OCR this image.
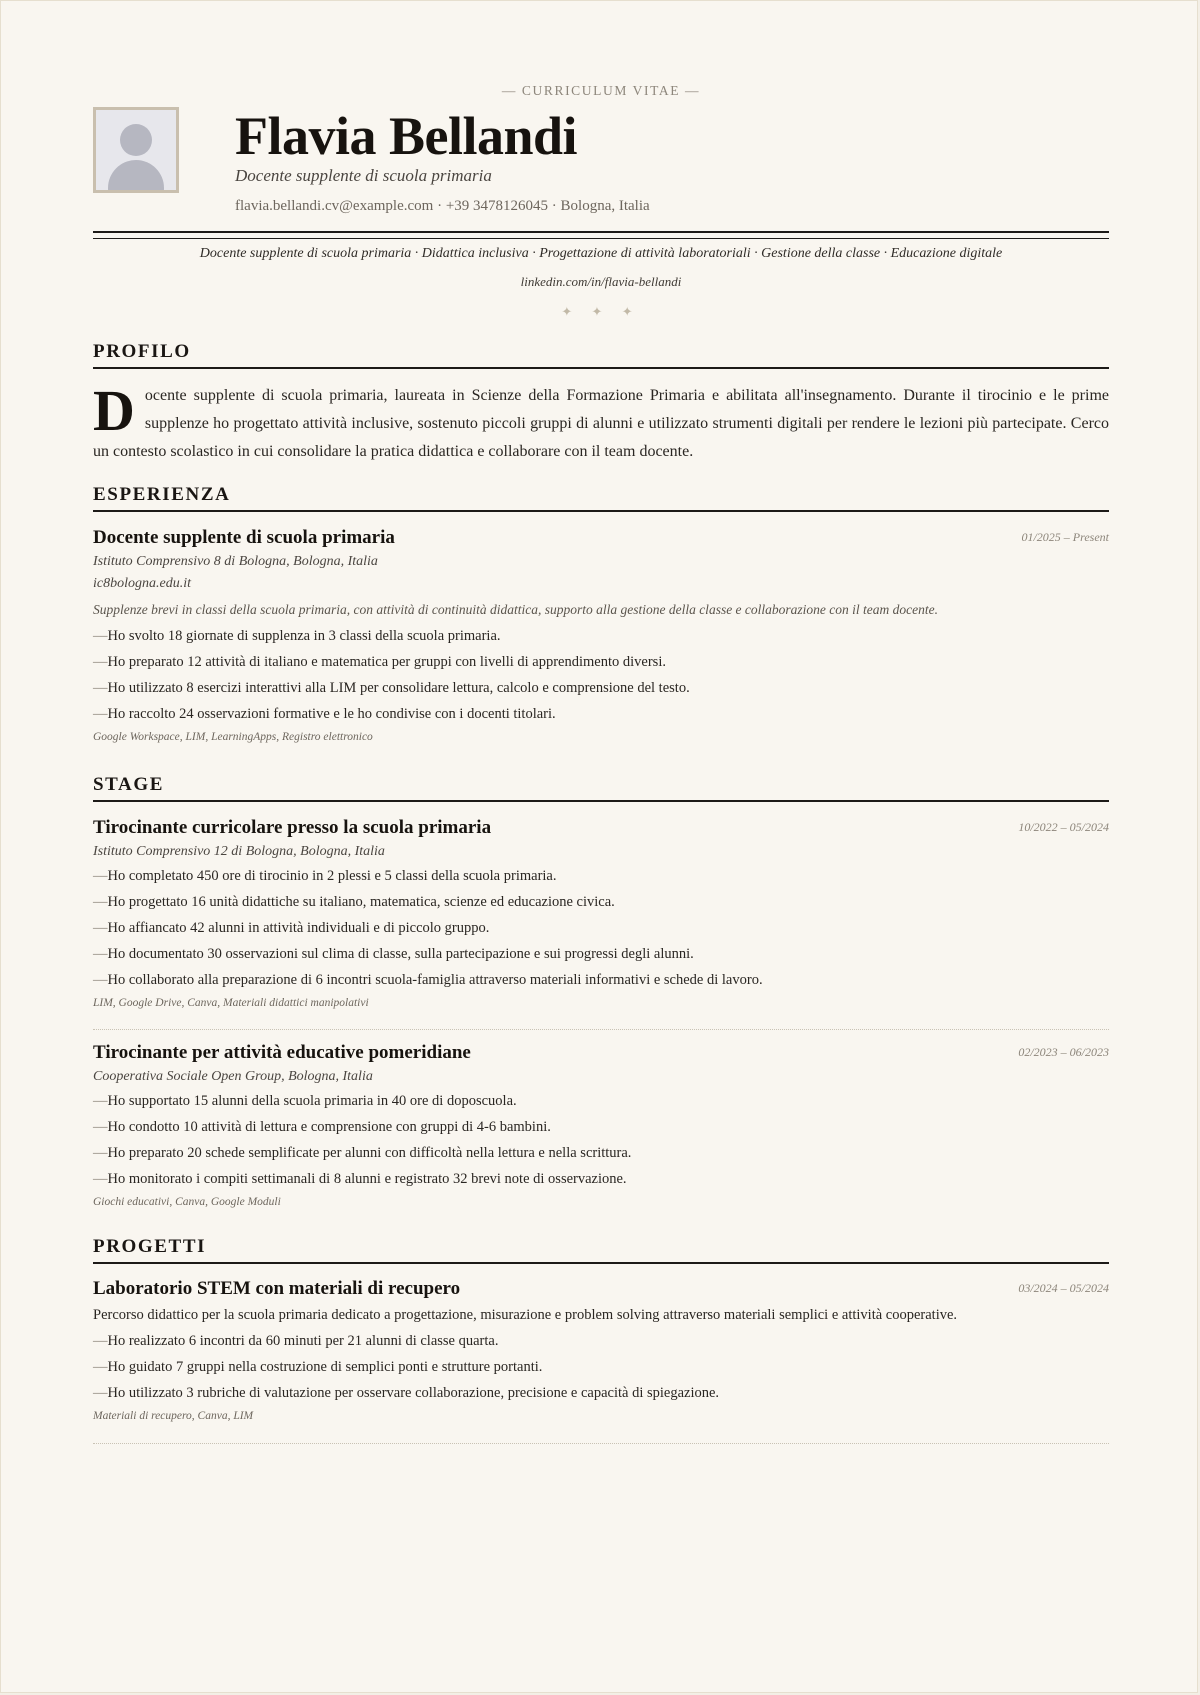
— CURRICULUM VITAE —
Flavia Bellandi
Docente supplente di scuola primaria
flavia.bellandi.cv@example.com · +39 3478126045 · Bologna, Italia
Docente supplente di scuola primaria · Didattica inclusiva · Progettazione di attività laboratoriali · Gestione della classe · Educazione digitale
linkedin.com/in/flavia-bellandi
✦ ✦ ✦
PROFILO
Docente supplente di scuola primaria, laureata in Scienze della Formazione Primaria e abilitata all'insegnamento. Durante il tirocinio e le prime supplenze ho progettato attività inclusive, sostenuto piccoli gruppi di alunni e utilizzato strumenti digitali per rendere le lezioni più partecipate. Cerco un contesto scolastico in cui consolidare la pratica didattica e collaborare con il team docente.
ESPERIENZA
Docente supplente di scuola primaria	01/2025 – Present
Istituto Comprensivo 8 di Bologna, Bologna, Italia
ic8bologna.edu.it
Supplenze brevi in classi della scuola primaria, con attività di continuità didattica, supporto alla gestione della classe e collaborazione con il team docente.
— Ho svolto 18 giornate di supplenza in 3 classi della scuola primaria.
— Ho preparato 12 attività di italiano e matematica per gruppi con livelli di apprendimento diversi.
— Ho utilizzato 8 esercizi interattivi alla LIM per consolidare lettura, calcolo e comprensione del testo.
— Ho raccolto 24 osservazioni formative e le ho condivise con i docenti titolari.
Google Workspace, LIM, LearningApps, Registro elettronico
STAGE
Tirocinante curricolare presso la scuola primaria	10/2022 – 05/2024
Istituto Comprensivo 12 di Bologna, Bologna, Italia
— Ho completato 450 ore di tirocinio in 2 plessi e 5 classi della scuola primaria.
— Ho progettato 16 unità didattiche su italiano, matematica, scienze ed educazione civica.
— Ho affiancato 42 alunni in attività individuali e di piccolo gruppo.
— Ho documentato 30 osservazioni sul clima di classe, sulla partecipazione e sui progressi degli alunni.
— Ho collaborato alla preparazione di 6 incontri scuola-famiglia attraverso materiali informativi e schede di lavoro.
LIM, Google Drive, Canva, Materiali didattici manipolativi
Tirocinante per attività educative pomeridiane	02/2023 – 06/2023
Cooperativa Sociale Open Group, Bologna, Italia
— Ho supportato 15 alunni della scuola primaria in 40 ore di doposcuola.
— Ho condotto 10 attività di lettura e comprensione con gruppi di 4-6 bambini.
— Ho preparato 20 schede semplificate per alunni con difficoltà nella lettura e nella scrittura.
— Ho monitorato i compiti settimanali di 8 alunni e registrato 32 brevi note di osservazione.
Giochi educativi, Canva, Google Moduli
PROGETTI
Laboratorio STEM con materiali di recupero	03/2024 – 05/2024
Percorso didattico per la scuola primaria dedicato a progettazione, misurazione e problem solving attraverso materiali semplici e attività cooperative.
— Ho realizzato 6 incontri da 60 minuti per 21 alunni di classe quarta.
— Ho guidato 7 gruppi nella costruzione di semplici ponti e strutture portanti.
— Ho utilizzato 3 rubriche di valutazione per osservare collaborazione, precisione e capacità di spiegazione.
Materiali di recupero, Canva, LIM
